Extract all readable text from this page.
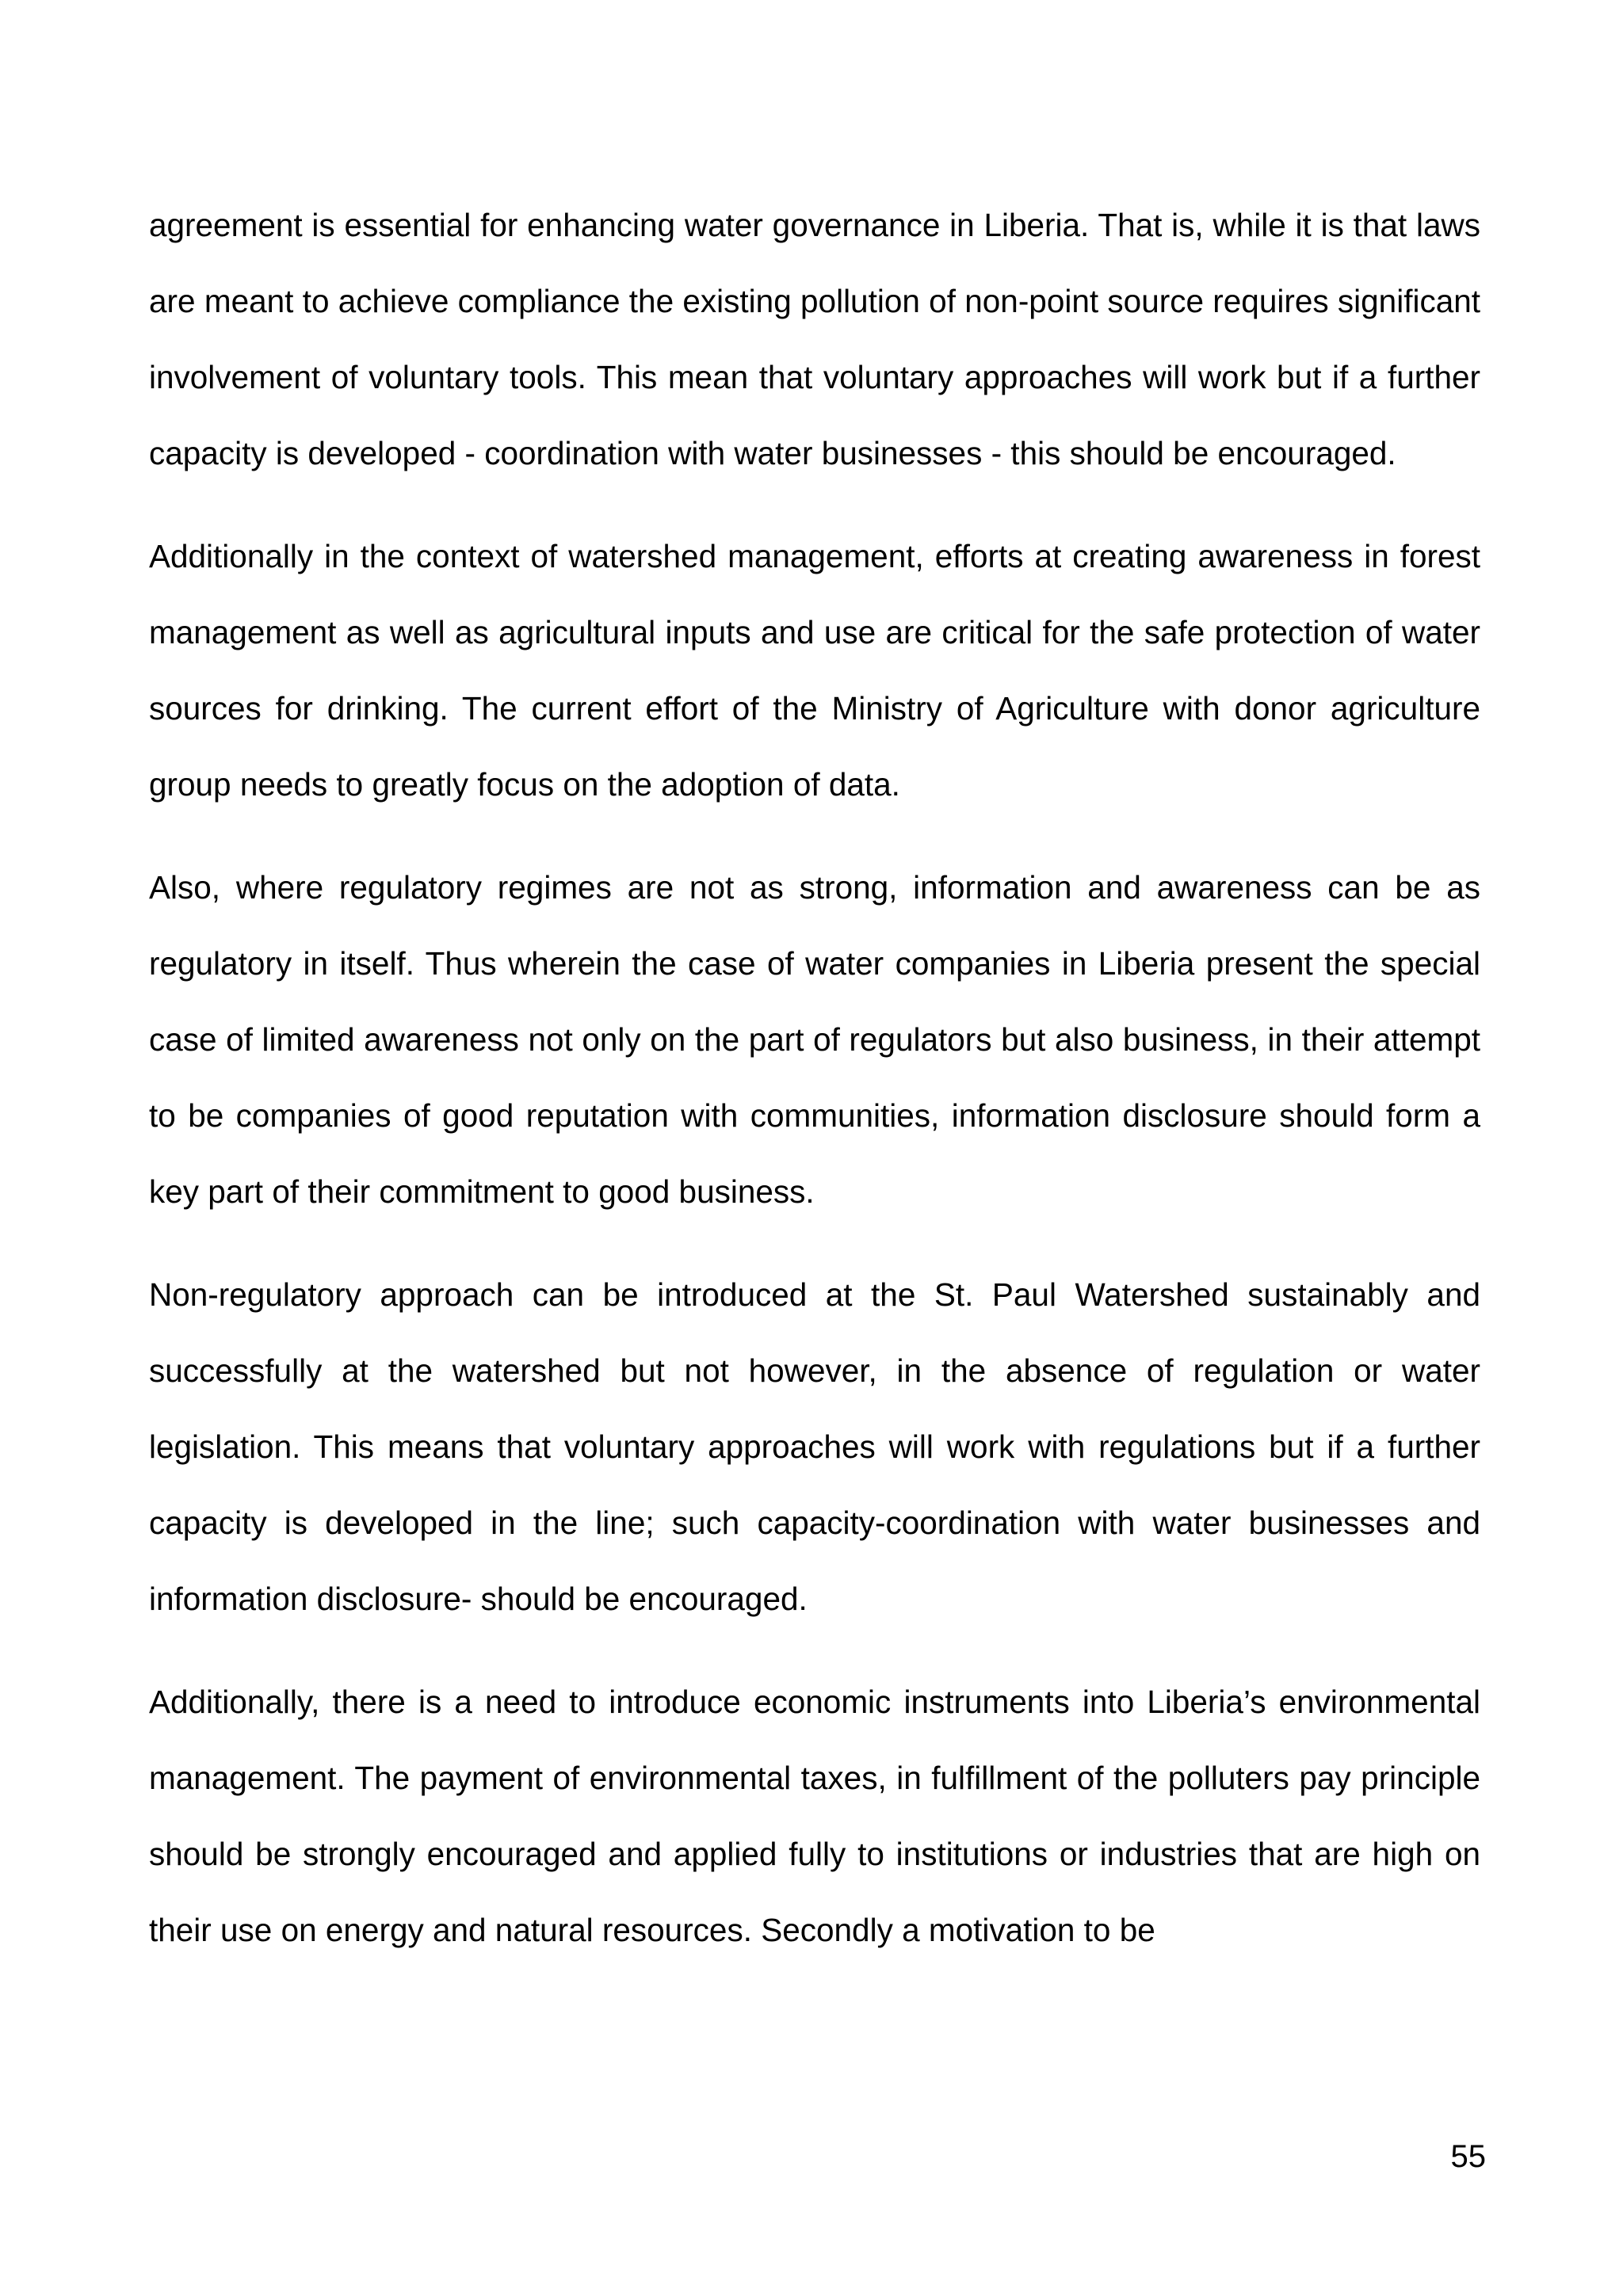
agreement is essential for enhancing water governance in Liberia. That is, while it is that laws are meant to achieve compliance the existing pollution of non-point source requires significant involvement of voluntary tools. This mean that voluntary approaches will work but if a further capacity is developed - coordination with water businesses - this should be encouraged.

Additionally in the context of watershed management, efforts at creating awareness in forest management as well as agricultural inputs and use are critical for the safe protection of water sources for drinking. The current effort of the Ministry of Agriculture with donor agriculture group needs to greatly focus on the adoption of data.

Also, where regulatory regimes are not as strong, information and awareness can be as regulatory in itself. Thus wherein the case of water companies in Liberia present the special case of limited awareness not only on the part of regulators but also business, in their attempt to be companies of good reputation with communities, information disclosure should form a key part of their commitment to good business.

Non-regulatory approach can be introduced at the St. Paul Watershed sustainably and successfully at the watershed but not however, in the absence of regulation or water legislation. This means that voluntary approaches will work with regulations but if a further capacity is developed in the line; such capacity-coordination with water businesses and information disclosure- should be encouraged.

Additionally, there is a need to introduce economic instruments into Liberia’s environmental management. The payment of environmental taxes, in fulfillment of the polluters pay principle should be strongly encouraged and applied fully to institutions or industries that are high on their use on energy and natural resources. Secondly a motivation to be

55
